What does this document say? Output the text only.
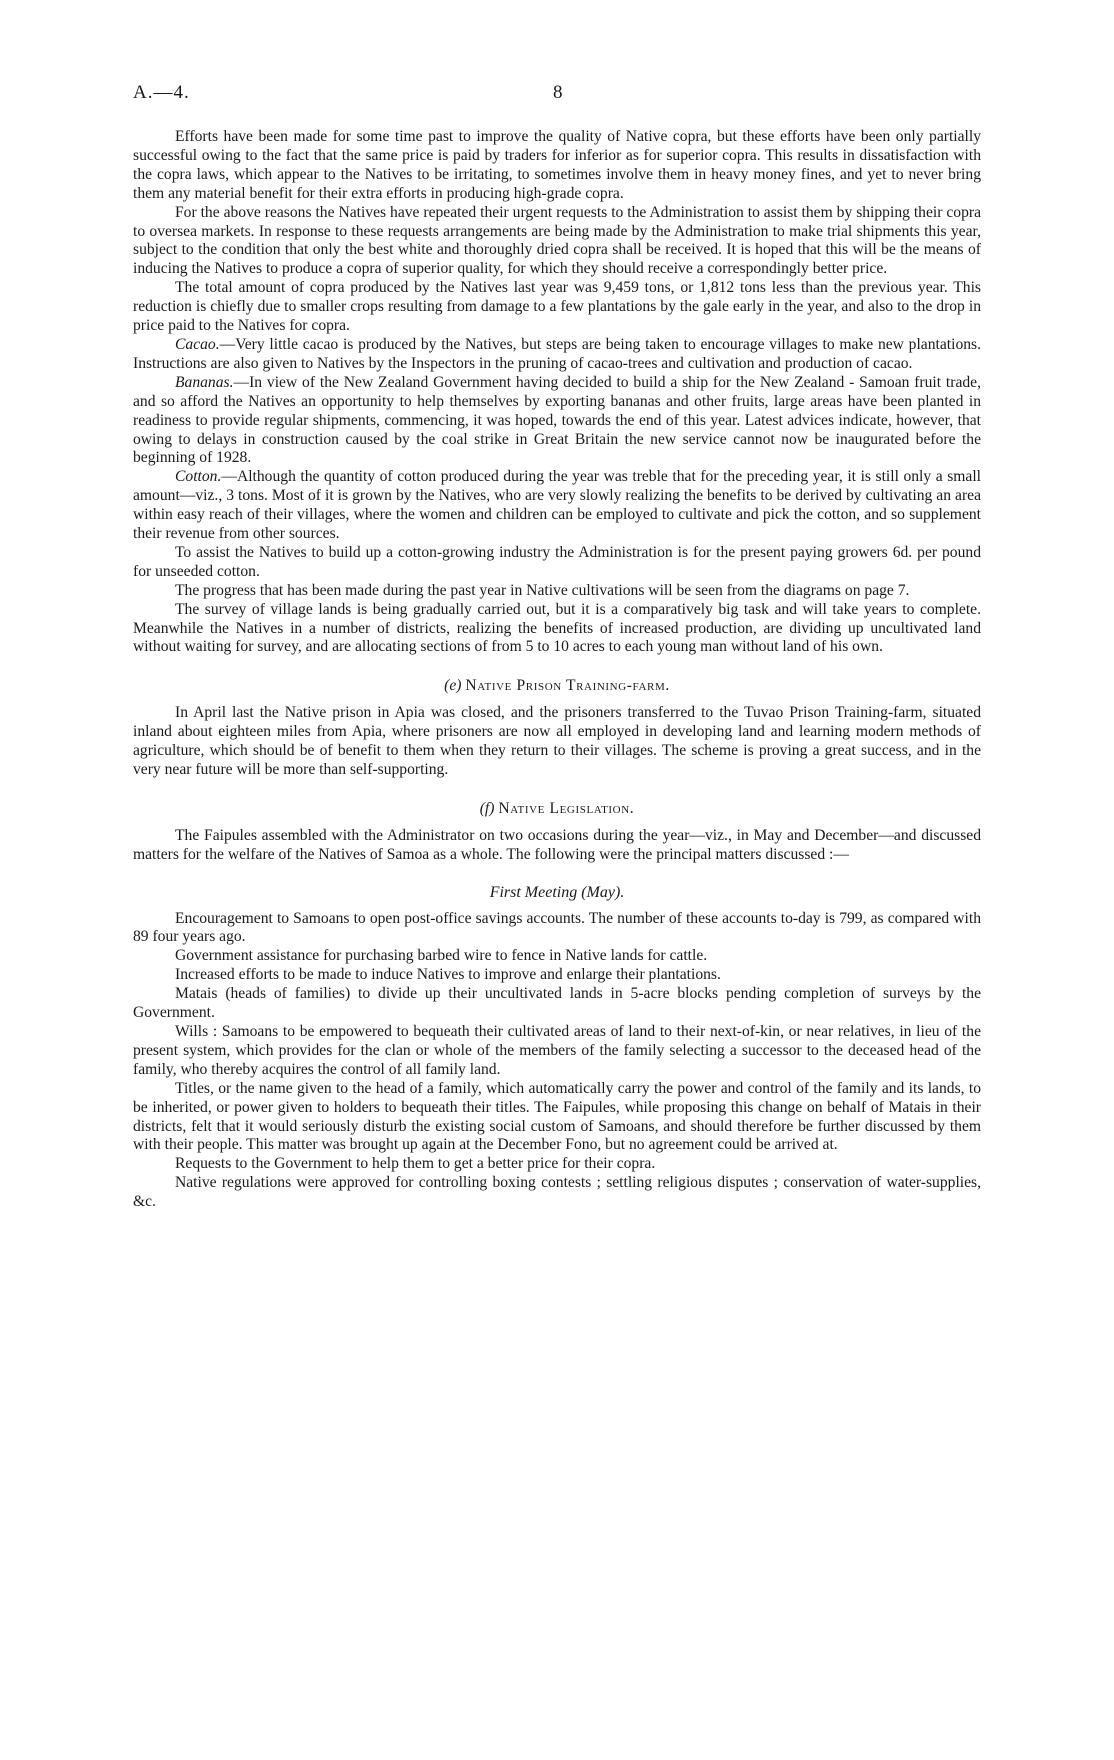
A.—4.	8

Efforts have been made for some time past to improve the quality of Native copra, but these efforts have been only partially successful owing to the fact that the same price is paid by traders for inferior as for superior copra. This results in dissatisfaction with the copra laws, which appear to the Natives to be irritating, to sometimes involve them in heavy money fines, and yet to never bring them any material benefit for their extra efforts in producing high-grade copra.

For the above reasons the Natives have repeated their urgent requests to the Administration to assist them by shipping their copra to oversea markets. In response to these requests arrangements are being made by the Administration to make trial shipments this year, subject to the condition that only the best white and thoroughly dried copra shall be received. It is hoped that this will be the means of inducing the Natives to produce a copra of superior quality, for which they should receive a correspondingly better price.

The total amount of copra produced by the Natives last year was 9,459 tons, or 1,812 tons less than the previous year. This reduction is chiefly due to smaller crops resulting from damage to a few plantations by the gale early in the year, and also to the drop in price paid to the Natives for copra.

Cacao.—Very little cacao is produced by the Natives, but steps are being taken to encourage villages to make new plantations. Instructions are also given to Natives by the Inspectors in the pruning of cacao-trees and cultivation and production of cacao.

Bananas.—In view of the New Zealand Government having decided to build a ship for the New Zealand - Samoan fruit trade, and so afford the Natives an opportunity to help themselves by exporting bananas and other fruits, large areas have been planted in readiness to provide regular shipments, commencing, it was hoped, towards the end of this year. Latest advices indicate, however, that owing to delays in construction caused by the coal strike in Great Britain the new service cannot now be inaugurated before the beginning of 1928.

Cotton.—Although the quantity of cotton produced during the year was treble that for the preceding year, it is still only a small amount—viz., 3 tons. Most of it is grown by the Natives, who are very slowly realizing the benefits to be derived by cultivating an area within easy reach of their villages, where the women and children can be employed to cultivate and pick the cotton, and so supplement their revenue from other sources.

To assist the Natives to build up a cotton-growing industry the Administration is for the present paying growers 6d. per pound for unseeded cotton.

The progress that has been made during the past year in Native cultivations will be seen from the diagrams on page 7.

The survey of village lands is being gradually carried out, but it is a comparatively big task and will take years to complete. Meanwhile the Natives in a number of districts, realizing the benefits of increased production, are dividing up uncultivated land without waiting for survey, and are allocating sections of from 5 to 10 acres to each young man without land of his own.

(e) Native Prison Training-farm.

In April last the Native prison in Apia was closed, and the prisoners transferred to the Tuvao Prison Training-farm, situated inland about eighteen miles from Apia, where prisoners are now all employed in developing land and learning modern methods of agriculture, which should be of benefit to them when they return to their villages. The scheme is proving a great success, and in the very near future will be more than self-supporting.

(f) Native Legislation.

The Faipules assembled with the Administrator on two occasions during the year—viz., in May and December—and discussed matters for the welfare of the Natives of Samoa as a whole. The following were the principal matters discussed :—

First Meeting (May).

Encouragement to Samoans to open post-office savings accounts. The number of these accounts to-day is 799, as compared with 89 four years ago.

Government assistance for purchasing barbed wire to fence in Native lands for cattle.

Increased efforts to be made to induce Natives to improve and enlarge their plantations.

Matais (heads of families) to divide up their uncultivated lands in 5-acre blocks pending completion of surveys by the Government.

Wills : Samoans to be empowered to bequeath their cultivated areas of land to their next-of-kin, or near relatives, in lieu of the present system, which provides for the clan or whole of the members of the family selecting a successor to the deceased head of the family, who thereby acquires the control of all family land.

Titles, or the name given to the head of a family, which automatically carry the power and control of the family and its lands, to be inherited, or power given to holders to bequeath their titles. The Faipules, while proposing this change on behalf of Matais in their districts, felt that it would seriously disturb the existing social custom of Samoans, and should therefore be further discussed by them with their people. This matter was brought up again at the December Fono, but no agreement could be arrived at.

Requests to the Government to help them to get a better price for their copra.

Native regulations were approved for controlling boxing contests ; settling religious disputes ; conservation of water-supplies, &c.
